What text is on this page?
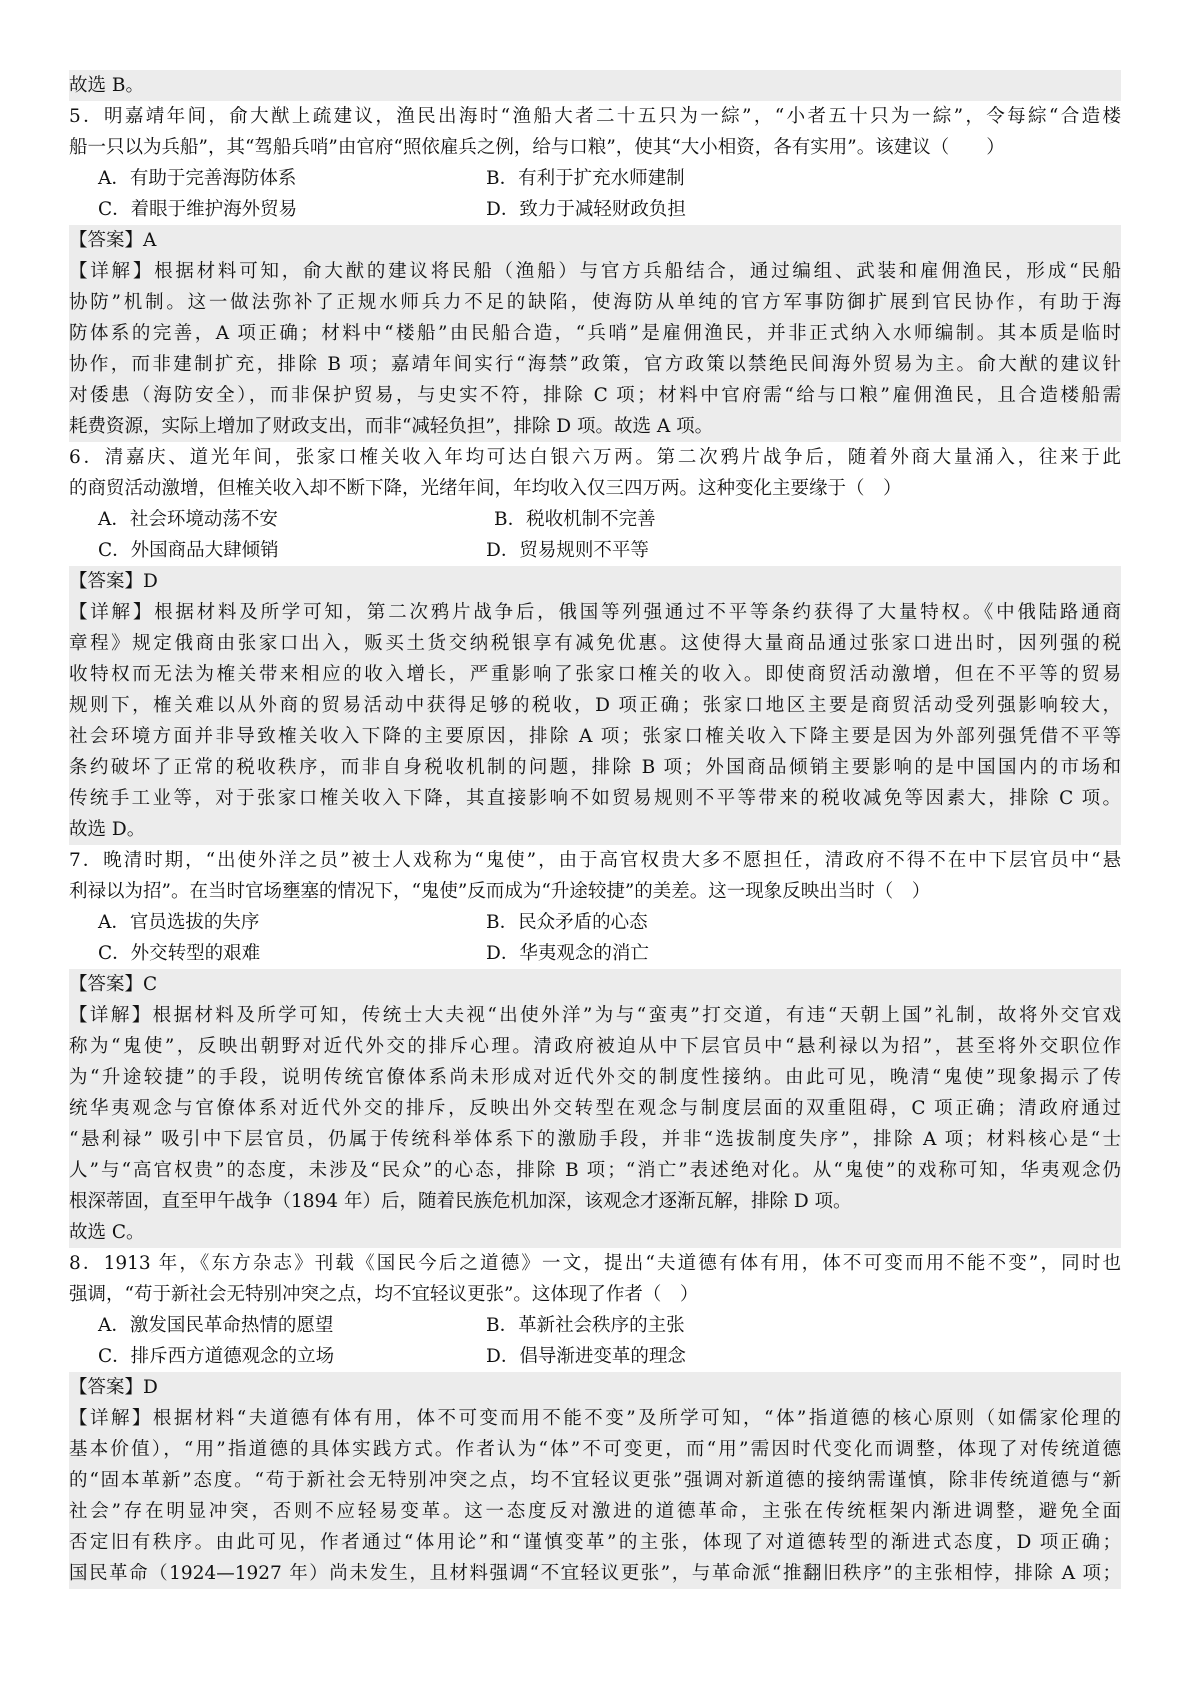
故选 B。
5．明嘉靖年间，俞大猷上疏建议，渔民出海时“渔船大者二十五只为一綜”，“小者五十只为一綜”，令每綜“合造楼
船一只以为兵船”，其“驾船兵哨”由官府“照依雇兵之例，给与口粮”，使其“大小相资，各有实用”。该建议（　　）
A．有助于完善海防体系	B．有利于扩充水师建制
C．着眼于维护海外贸易	D．致力于减轻财政负担
【答案】A
【详解】根据材料可知，俞大猷的建议将民船（渔船）与官方兵船结合，通过编组、武装和雇佣渔民，形成“民船
协防”机制。这一做法弥补了正规水师兵力不足的缺陷，使海防从单纯的官方军事防御扩展到官民协作，有助于海
防体系的完善，A 项正确；材料中“楼船”由民船合造，“兵哨”是雇佣渔民，并非正式纳入水师编制。其本质是临时
协作，而非建制扩充，排除 B 项；嘉靖年间实行“海禁”政策，官方政策以禁绝民间海外贸易为主。俞大猷的建议针
对倭患（海防安全），而非保护贸易，与史实不符，排除 C 项；材料中官府需“给与口粮”雇佣渔民，且合造楼船需
耗费资源，实际上增加了财政支出，而非“减轻负担”，排除 D 项。故选 A 项。
6．清嘉庆、道光年间，张家口榷关收入年均可达白银六万两。第二次鸦片战争后，随着外商大量涌入，往来于此
的商贸活动激增，但榷关收入却不断下降，光绪年间，年均收入仅三四万两。这种变化主要缘于（　）
A．社会环境动荡不安	B．税收机制不完善
C．外国商品大肆倾销	D．贸易规则不平等
【答案】D
【详解】根据材料及所学可知，第二次鸦片战争后，俄国等列强通过不平等条约获得了大量特权。《中俄陆路通商
章程》规定俄商由张家口出入，贩买土货交纳税银享有减免优惠。这使得大量商品通过张家口进出时，因列强的税
收特权而无法为榷关带来相应的收入增长，严重影响了张家口榷关的收入。即使商贸活动激增，但在不平等的贸易
规则下，榷关难以从外商的贸易活动中获得足够的税收，D 项正确；张家口地区主要是商贸活动受列强影响较大，
社会环境方面并非导致榷关收入下降的主要原因，排除 A 项；张家口榷关收入下降主要是因为外部列强凭借不平等
条约破坏了正常的税收秩序，而非自身税收机制的问题，排除 B 项；外国商品倾销主要影响的是中国国内的市场和
传统手工业等，对于张家口榷关收入下降，其直接影响不如贸易规则不平等带来的税收减免等因素大，排除 C 项。
故选 D。
7．晚清时期，“出使外洋之员”被士人戏称为“鬼使”，由于高官权贵大多不愿担任，清政府不得不在中下层官员中“悬
利禄以为招”。在当时官场壅塞的情况下，“鬼使”反而成为“升途较捷”的美差。这一现象反映出当时（　）
A．官员选拔的失序	B．民众矛盾的心态
C．外交转型的艰难	D．华夷观念的消亡
【答案】C
【详解】根据材料及所学可知，传统士大夫视“出使外洋”为与“蛮夷”打交道，有违“天朝上国”礼制，故将外交官戏
称为“鬼使”，反映出朝野对近代外交的排斥心理。清政府被迫从中下层官员中“悬利禄以为招”，甚至将外交职位作
为“升途较捷”的手段，说明传统官僚体系尚未形成对近代外交的制度性接纳。由此可见，晚清“鬼使”现象揭示了传
统华夷观念与官僚体系对近代外交的排斥，反映出外交转型在观念与制度层面的双重阻碍，C 项正确；清政府通过
“悬利禄” 吸引中下层官员，仍属于传统科举体系下的激励手段，并非“选拔制度失序”，排除 A 项；材料核心是“士
人”与“高官权贵”的态度，未涉及“民众”的心态，排除 B 项；“消亡”表述绝对化。从“鬼使”的戏称可知，华夷观念仍
根深蒂固，直至甲午战争（1894 年）后，随着民族危机加深，该观念才逐渐瓦解，排除 D 项。
故选 C。
8．1913 年，《东方杂志》刊载《国民今后之道德》一文，提出“夫道德有体有用，体不可变而用不能不变”，同时也
强调，“苟于新社会无特别冲突之点，均不宜轻议更张”。这体现了作者（　）
A．激发国民革命热情的愿望	B．革新社会秩序的主张
C．排斥西方道德观念的立场	D．倡导渐进变革的理念
【答案】D
【详解】根据材料“夫道德有体有用，体不可变而用不能不变”及所学可知，“体”指道德的核心原则（如儒家伦理的
基本价值），“用”指道德的具体实践方式。作者认为“体”不可变更，而“用”需因时代变化而调整，体现了对传统道德
的“固本革新”态度。“苟于新社会无特别冲突之点，均不宜轻议更张”强调对新道德的接纳需谨慎，除非传统道德与“新
社会”存在明显冲突，否则不应轻易变革。这一态度反对激进的道德革命，主张在传统框架内渐进调整，避免全面
否定旧有秩序。由此可见，作者通过“体用论”和“谨慎变革”的主张，体现了对道德转型的渐进式态度，D 项正确；
国民革命（1924—1927 年）尚未发生，且材料强调“不宜轻议更张”，与革命派“推翻旧秩序”的主张相悖，排除 A 项；
